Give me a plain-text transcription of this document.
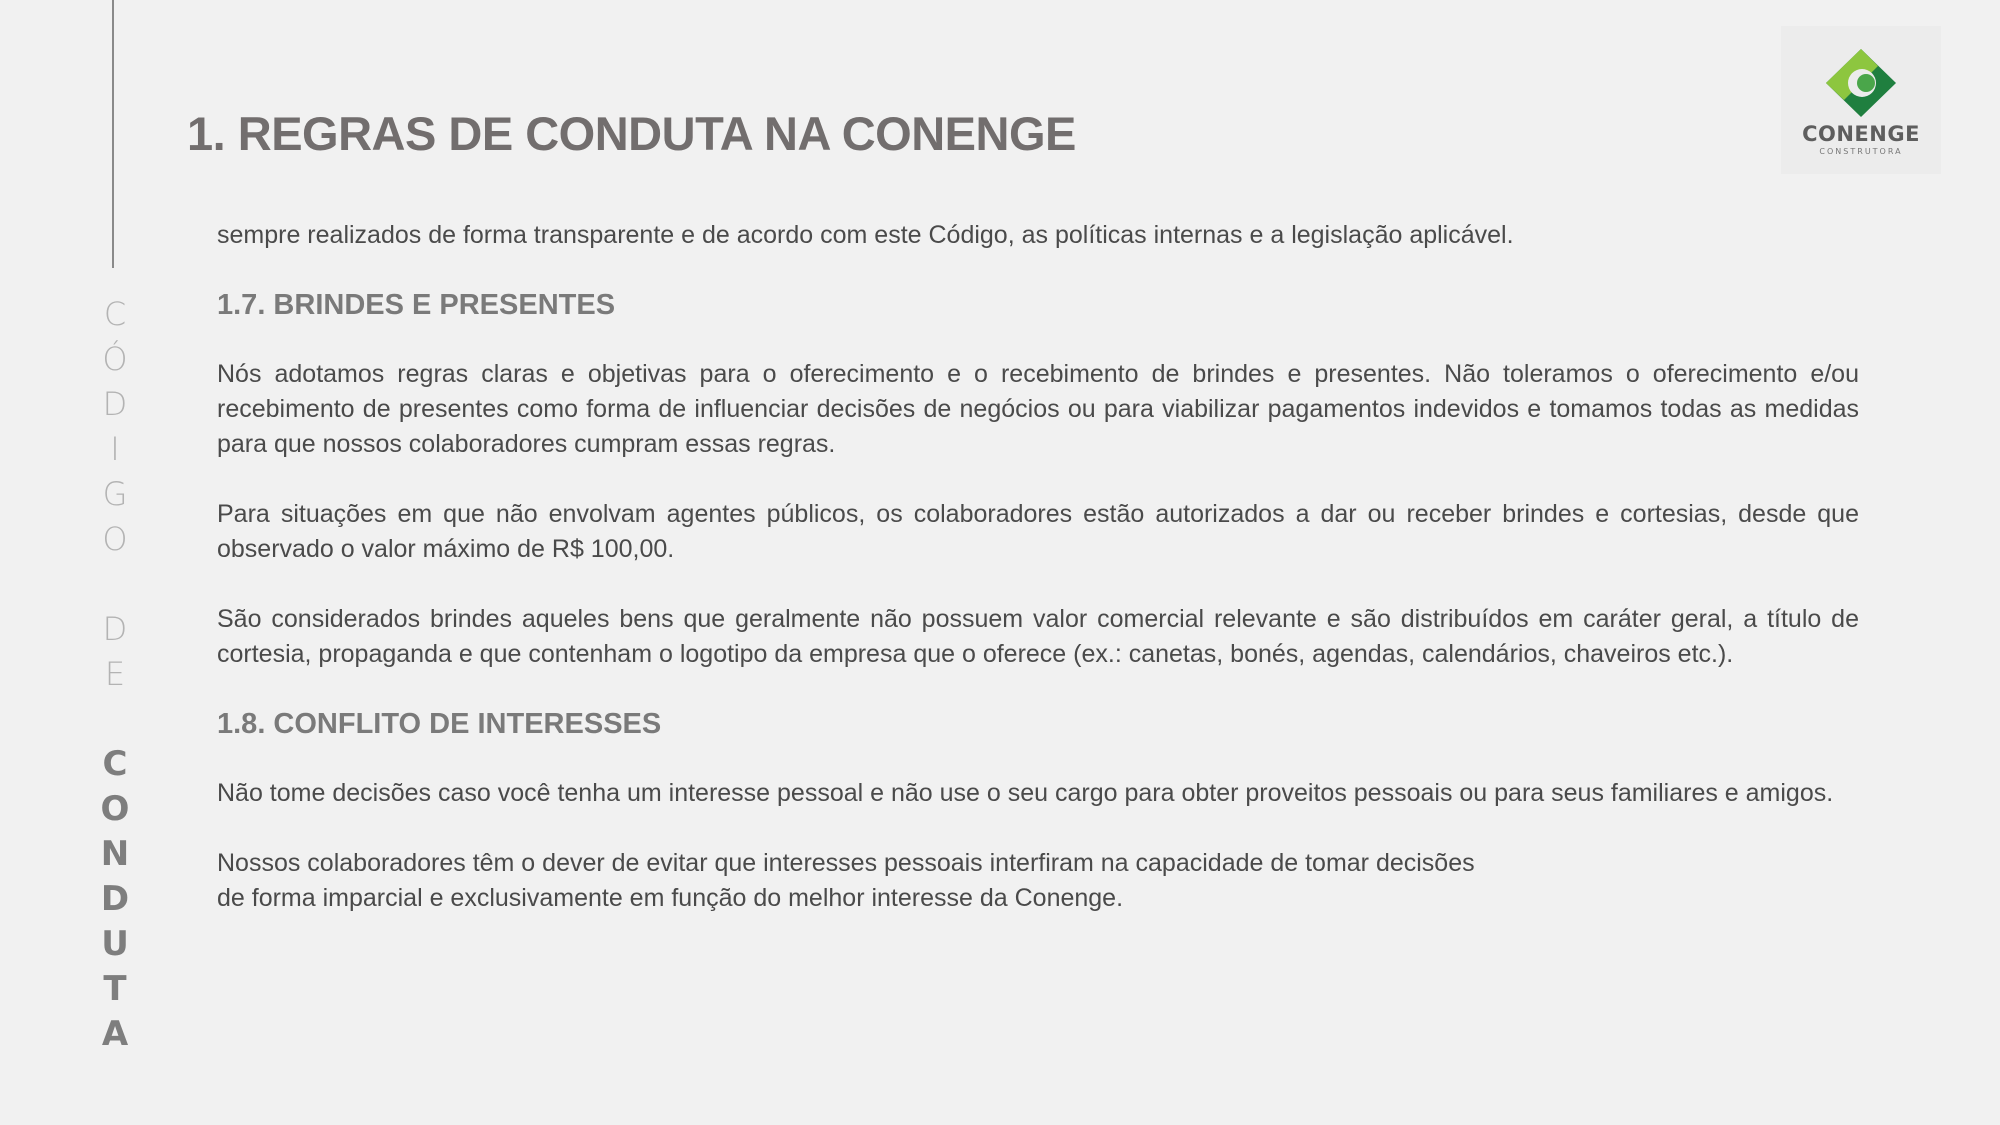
C
Ó
D
I
G
O
D
E
C
O
N
D
U
T
A
1. REGRAS DE CONDUTA NA CONENGE	CONENGE
CONSTRUTORA

sempre realizados de forma transparente e de acordo com este Código, as políticas internas e a legislação aplicável.

1.7. BRINDES E PRESENTES

Nós adotamos regras claras e objetivas para o oferecimento e o recebimento de brindes e presentes. Não toleramos o oferecimento e/ou recebimento de presentes como forma de influenciar decisões de negócios ou para viabilizar pagamentos indevidos e tomamos todas as medidas para que nossos colaboradores cumpram essas regras.

Para situações em que não envolvam agentes públicos, os colaboradores estão autorizados a dar ou receber brindes e cortesias, desde que observado o valor máximo de R$ 100,00.

São considerados brindes aqueles bens que geralmente não possuem valor comercial relevante e são distribuídos em caráter geral, a título de cortesia, propaganda e que contenham o logotipo da empresa que o oferece (ex.: canetas, bonés, agendas, calendários, chaveiros etc.).

1.8. CONFLITO DE INTERESSES

Não tome decisões caso você tenha um interesse pessoal e não use o seu cargo para obter proveitos pessoais ou para seus familiares e amigos.

Nossos colaboradores têm o dever de evitar que interesses pessoais interfiram na capacidade de tomar decisões
de forma imparcial e exclusivamente em função do melhor interesse da Conenge.
